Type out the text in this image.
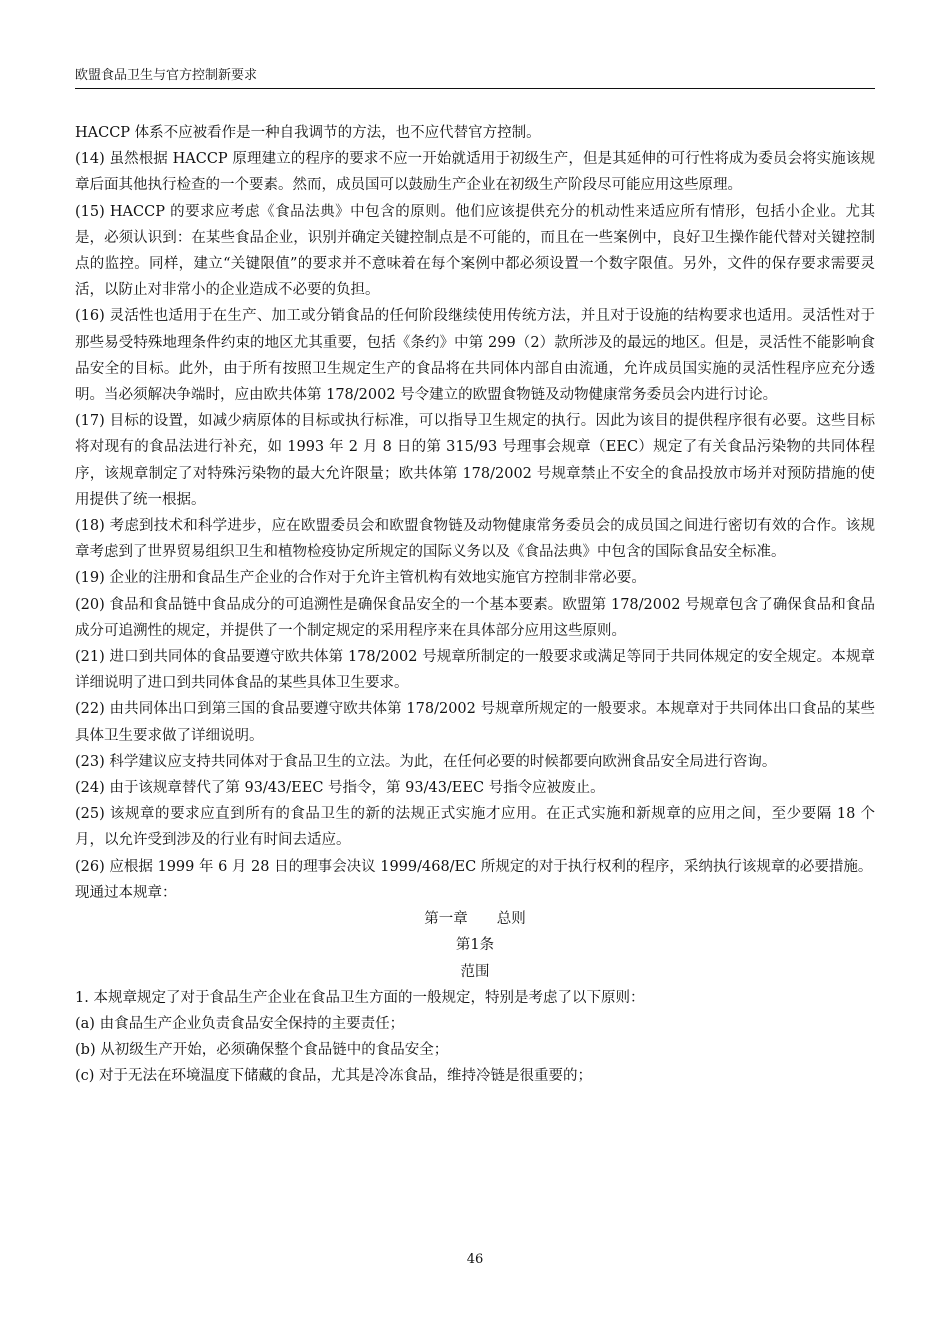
欧盟食品卫生与官方控制新要求

HACCP 体系不应被看作是一种自我调节的方法，也不应代替官方控制。

(14) 虽然根据 HACCP 原理建立的程序的要求不应一开始就适用于初级生产，但是其延伸的可行性将成为委员会将实施该规章后面其他执行检查的一个要素。然而，成员国可以鼓励生产企业在初级生产阶段尽可能应用这些原理。

(15) HACCP 的要求应考虑《食品法典》中包含的原则。他们应该提供充分的机动性来适应所有情形，包括小企业。尤其是，必须认识到：在某些食品企业，识别并确定关键控制点是不可能的，而且在一些案例中，良好卫生操作能代替对关键控制点的监控。同样，建立“关键限值”的要求并不意味着在每个案例中都必须设置一个数字限值。另外，文件的保存要求需要灵活，以防止对非常小的企业造成不必要的负担。

(16) 灵活性也适用于在生产、加工或分销食品的任何阶段继续使用传统方法，并且对于设施的结构要求也适用。灵活性对于那些易受特殊地理条件约束的地区尤其重要，包括《条约》中第 299（2）款所涉及的最远的地区。但是，灵活性不能影响食品安全的目标。此外，由于所有按照卫生规定生产的食品将在共同体内部自由流通，允许成员国实施的灵活性程序应充分透明。当必须解决争端时，应由欧共体第 178/2002 号令建立的欧盟食物链及动物健康常务委员会内进行讨论。

(17) 目标的设置，如减少病原体的目标或执行标准，可以指导卫生规定的执行。因此为该目的提供程序很有必要。这些目标将对现有的食品法进行补充，如 1993 年 2 月 8 日的第 315/93 号理事会规章（EEC）规定了有关食品污染物的共同体程序，该规章制定了对特殊污染物的最大允许限量；欧共体第 178/2002 号规章禁止不安全的食品投放市场并对预防措施的使用提供了统一根据。

(18) 考虑到技术和科学进步，应在欧盟委员会和欧盟食物链及动物健康常务委员会的成员国之间进行密切有效的合作。该规章考虑到了世界贸易组织卫生和植物检疫协定所规定的国际义务以及《食品法典》中包含的国际食品安全标准。

(19) 企业的注册和食品生产企业的合作对于允许主管机构有效地实施官方控制非常必要。

(20) 食品和食品链中食品成分的可追溯性是确保食品安全的一个基本要素。欧盟第 178/2002 号规章包含了确保食品和食品成分可追溯性的规定，并提供了一个制定规定的采用程序来在具体部分应用这些原则。

(21) 进口到共同体的食品要遵守欧共体第 178/2002 号规章所制定的一般要求或满足等同于共同体规定的安全规定。本规章详细说明了进口到共同体食品的某些具体卫生要求。

(22) 由共同体出口到第三国的食品要遵守欧共体第 178/2002 号规章所规定的一般要求。本规章对于共同体出口食品的某些具体卫生要求做了详细说明。

(23) 科学建议应支持共同体对于食品卫生的立法。为此，在任何必要的时候都要向欧洲食品安全局进行咨询。

(24) 由于该规章替代了第 93/43/EEC 号指令，第 93/43/EEC 号指令应被废止。

(25) 该规章的要求应直到所有的食品卫生的新的法规正式实施才应用。在正式实施和新规章的应用之间，至少要隔 18 个月，以允许受到涉及的行业有时间去适应。

(26) 应根据 1999 年 6 月 28 日的理事会决议 1999/468/EC 所规定的对于执行权利的程序，采纳执行该规章的必要措施。

现通过本规章：

第一章　　总则

第1条

范围

1. 本规章规定了对于食品生产企业在食品卫生方面的一般规定，特别是考虑了以下原则：

(a) 由食品生产企业负责食品安全保持的主要责任；

(b) 从初级生产开始，必须确保整个食品链中的食品安全；

(c) 对于无法在环境温度下储藏的食品，尤其是冷冻食品，维持冷链是很重要的；

46
